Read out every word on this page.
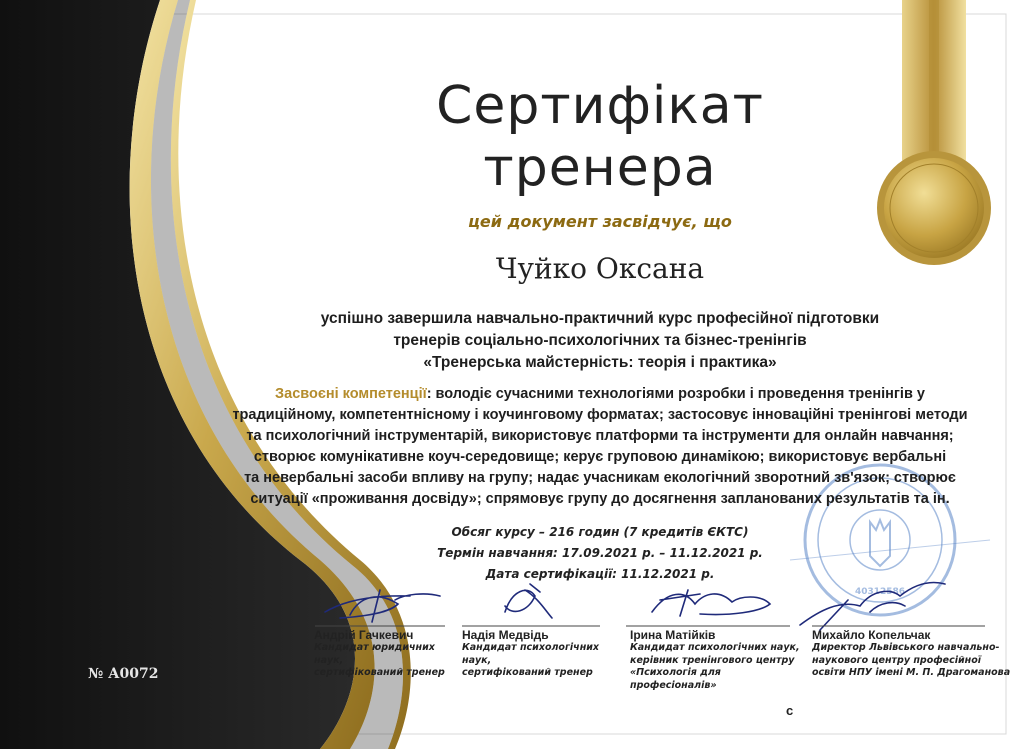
40312586
Сертифікат
тренера
цей документ засвідчує, що
Чуйко Оксана
успішно завершила навчально-практичний курс професійної підготовки
тренерів соціально-психологічних та бізнес-тренінгів
«Тренерська майстерність: теорія і практика»
Засвоєні компетенції: володіє сучасними технологіями розробки і проведення тренінгів у
традиційному, компетентнісному і коучинговому форматах; застосовує інноваційні тренінгові методи
та психологічний інструментарій, використовує платформи та інструменти для онлайн навчання;
створює комунікативне коуч-середовище; керує груповою динамікою; використовує вербальні
та невербальні засоби впливу на групу; надає учасникам екологічний зворотний зв'язок; створює
ситуації «проживання досвіду»; спрямовує групу до досягнення запланованих результатів та ін.
Обсяг курсу – 216 годин (7 кредитів ЄКТС)
Термін навчання: 17.09.2021 р. – 11.12.2021 р.
Дата сертифікації: 11.12.2021 р.
Андрій Гачкевич
Кандидат юридичних наук,
сертифікований тренер
Надія Медвідь
Кандидат психологічних наук,
сертифікований тренер
Ірина Матійків
Кандидат психологічних наук,
керівник тренінгового центру
«Психологія для професіоналів»
Михайло Копельчак
Директор Львівського навчально-
наукового центру професійної
освіти НПУ імені М. П. Драгоманова
№ А0072
с
